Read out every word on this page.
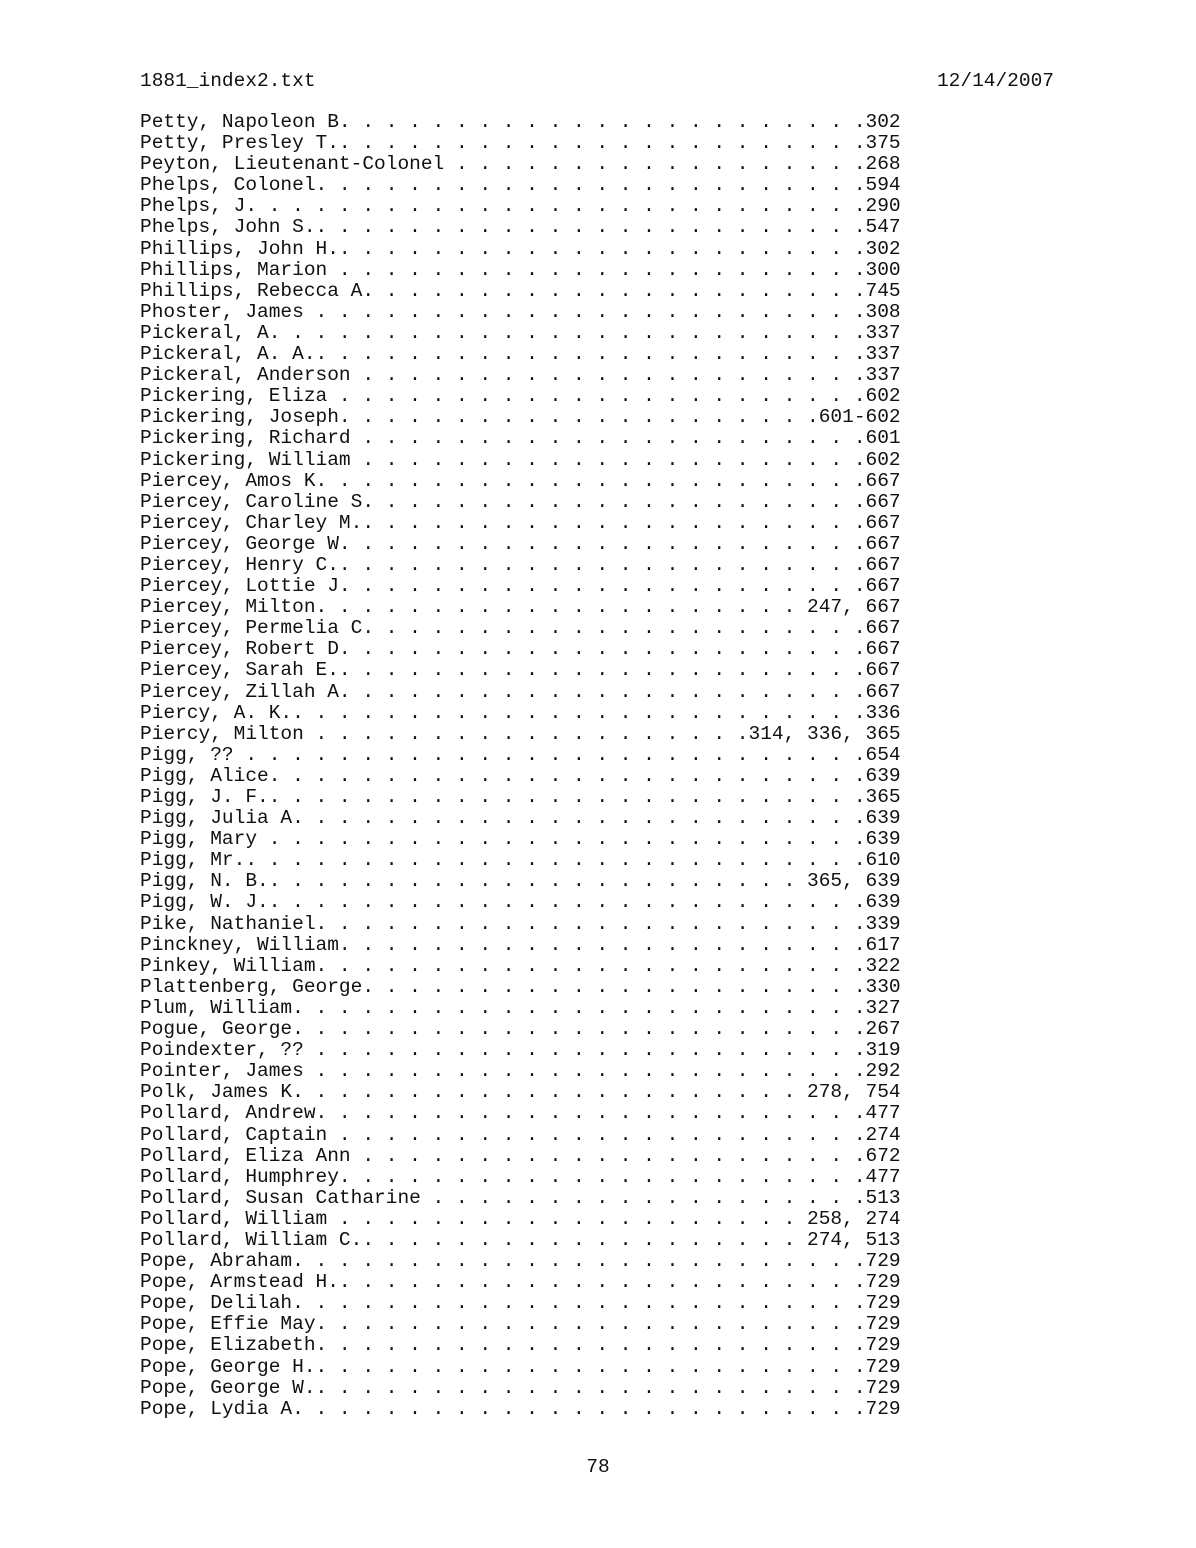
1881_index2.txt	12/14/2007
Petty, Napoleon B. . . . . . . . . . . . . . . . . . . . . . .302
Petty, Presley T.. . . . . . . . . . . . . . . . . . . . . . .375
Peyton, Lieutenant-Colonel . . . . . . . . . . . . . . . . . .268
Phelps, Colonel. . . . . . . . . . . . . . . . . . . . . . . .594
Phelps, J. . . . . . . . . . . . . . . . . . . . . . . . . . .290
Phelps, John S.. . . . . . . . . . . . . . . . . . . . . . . .547
Phillips, John H.. . . . . . . . . . . . . . . . . . . . . . .302
Phillips, Marion . . . . . . . . . . . . . . . . . . . . . . .300
Phillips, Rebecca A. . . . . . . . . . . . . . . . . . . . . .745
Phoster, James . . . . . . . . . . . . . . . . . . . . . . . .308
Pickeral, A. . . . . . . . . . . . . . . . . . . . . . . . . .337
Pickeral, A. A.. . . . . . . . . . . . . . . . . . . . . . . .337
Pickeral, Anderson . . . . . . . . . . . . . . . . . . . . . .337
Pickering, Eliza . . . . . . . . . . . . . . . . . . . . . . .602
Pickering, Joseph. . . . . . . . . . . . . . . . . . . . .601-602
Pickering, Richard . . . . . . . . . . . . . . . . . . . . . .601
Pickering, William . . . . . . . . . . . . . . . . . . . . . .602
Piercey, Amos K. . . . . . . . . . . . . . . . . . . . . . . .667
Piercey, Caroline S. . . . . . . . . . . . . . . . . . . . . .667
Piercey, Charley M.. . . . . . . . . . . . . . . . . . . . . .667
Piercey, George W. . . . . . . . . . . . . . . . . . . . . . .667
Piercey, Henry C.. . . . . . . . . . . . . . . . . . . . . . .667
Piercey, Lottie J. . . . . . . . . . . . . . . . . . . . . . .667
Piercey, Milton. . . . . . . . . . . . . . . . . . . . . 247, 667
Piercey, Permelia C. . . . . . . . . . . . . . . . . . . . . .667
Piercey, Robert D. . . . . . . . . . . . . . . . . . . . . . .667
Piercey, Sarah E.. . . . . . . . . . . . . . . . . . . . . . .667
Piercey, Zillah A. . . . . . . . . . . . . . . . . . . . . . .667
Piercy, A. K.. . . . . . . . . . . . . . . . . . . . . . . . .336
Piercy, Milton . . . . . . . . . . . . . . . . . . .314, 336, 365
Pigg, ?? . . . . . . . . . . . . . . . . . . . . . . . . . . .654
Pigg, Alice. . . . . . . . . . . . . . . . . . . . . . . . . .639
Pigg, J. F.. . . . . . . . . . . . . . . . . . . . . . . . . .365
Pigg, Julia A. . . . . . . . . . . . . . . . . . . . . . . . .639
Pigg, Mary . . . . . . . . . . . . . . . . . . . . . . . . . .639
Pigg, Mr.. . . . . . . . . . . . . . . . . . . . . . . . . . .610
Pigg, N. B.. . . . . . . . . . . . . . . . . . . . . . . 365, 639
Pigg, W. J.. . . . . . . . . . . . . . . . . . . . . . . . . .639
Pike, Nathaniel. . . . . . . . . . . . . . . . . . . . . . . .339
Pinckney, William. . . . . . . . . . . . . . . . . . . . . . .617
Pinkey, William. . . . . . . . . . . . . . . . . . . . . . . .322
Plattenberg, George. . . . . . . . . . . . . . . . . . . . . .330
Plum, William. . . . . . . . . . . . . . . . . . . . . . . . .327
Pogue, George. . . . . . . . . . . . . . . . . . . . . . . . .267
Poindexter, ?? . . . . . . . . . . . . . . . . . . . . . . . .319
Pointer, James . . . . . . . . . . . . . . . . . . . . . . . .292
Polk, James K. . . . . . . . . . . . . . . . . . . . . . 278, 754
Pollard, Andrew. . . . . . . . . . . . . . . . . . . . . . . .477
Pollard, Captain . . . . . . . . . . . . . . . . . . . . . . .274
Pollard, Eliza Ann . . . . . . . . . . . . . . . . . . . . . .672
Pollard, Humphrey. . . . . . . . . . . . . . . . . . . . . . .477
Pollard, Susan Catharine . . . . . . . . . . . . . . . . . . .513
Pollard, William . . . . . . . . . . . . . . . . . . . . 258, 274
Pollard, William C.. . . . . . . . . . . . . . . . . . . 274, 513
Pope, Abraham. . . . . . . . . . . . . . . . . . . . . . . . .729
Pope, Armstead H.. . . . . . . . . . . . . . . . . . . . . . .729
Pope, Delilah. . . . . . . . . . . . . . . . . . . . . . . . .729
Pope, Effie May. . . . . . . . . . . . . . . . . . . . . . . .729
Pope, Elizabeth. . . . . . . . . . . . . . . . . . . . . . . .729
Pope, George H.. . . . . . . . . . . . . . . . . . . . . . . .729
Pope, George W.. . . . . . . . . . . . . . . . . . . . . . . .729
Pope, Lydia A. . . . . . . . . . . . . . . . . . . . . . . . .729
78
